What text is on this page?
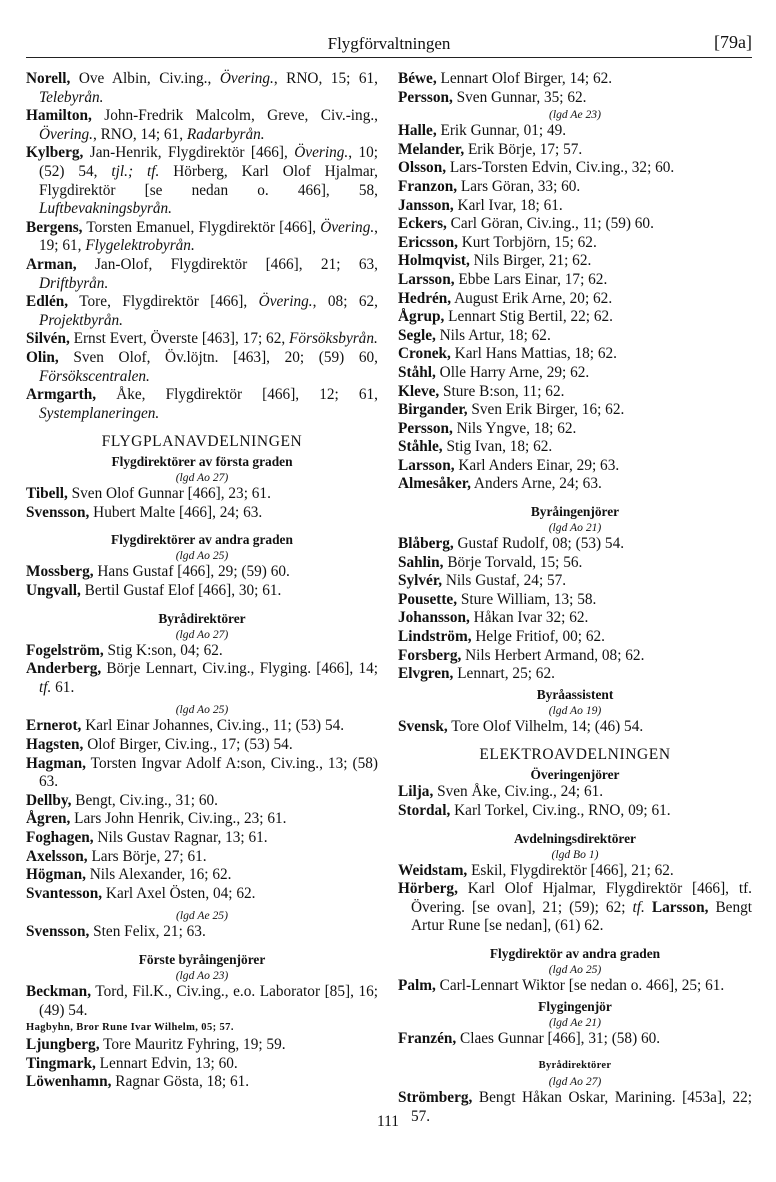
Flygförvaltningen	[79a]

Norell, Ove Albin, Civ.ing., Övering., RNO, 15; 61, Telebyrån.

Hamilton, John-Fredrik Malcolm, Greve, Civ.-ing., Övering., RNO, 14; 61, Radarbyrån.

Kylberg, Jan-Henrik, Flygdirektör [466], Övering., 10; (52) 54, tjl.; tf. Hörberg, Karl Olof Hjalmar, Flygdirektör [se nedan o. 466], 58, Luftbevakningsbyrån.

Bergens, Torsten Emanuel, Flygdirektör [466], Övering., 19; 61, Flygelektrobyrån.

Arman, Jan-Olof, Flygdirektör [466], 21; 63, Driftbyrån.

Edlén, Tore, Flygdirektör [466], Övering., 08; 62, Projektbyrån.

Silvén, Ernst Evert, Överste [463], 17; 62, Försöksbyrån.

Olin, Sven Olof, Öv.löjtn. [463], 20; (59) 60, Försökscentralen.

Armgarth, Åke, Flygdirektör [466], 12; 61, Systemplaneringen.

FLYGPLANAVDELNINGEN
Flygdirektörer av första graden
(lgd Ao 27)

Tibell, Sven Olof Gunnar [466], 23; 61.

Svensson, Hubert Malte [466], 24; 63.

Flygdirektörer av andra graden
(lgd Ao 25)

Mossberg, Hans Gustaf [466], 29; (59) 60.

Ungvall, Bertil Gustaf Elof [466], 30; 61.

Byrådirektörer
(lgd Ao 27)

Fogelström, Stig K:son, 04; 62.

Anderberg, Börje Lennart, Civ.ing., Flyging. [466], 14; tf. 61.

(lgd Ao 25)

Ernerot, Karl Einar Johannes, Civ.ing., 11; (53) 54.

Hagsten, Olof Birger, Civ.ing., 17; (53) 54.

Hagman, Torsten Ingvar Adolf A:son, Civ.ing., 13; (58) 63.

Dellby, Bengt, Civ.ing., 31; 60.

Ågren, Lars John Henrik, Civ.ing., 23; 61.

Foghagen, Nils Gustav Ragnar, 13; 61.

Axelsson, Lars Börje, 27; 61.

Högman, Nils Alexander, 16; 62.

Svantesson, Karl Axel Östen, 04; 62.

(lgd Ae 25)

Svensson, Sten Felix, 21; 63.

Förste byråingenjörer
(lgd Ao 23)

Beckman, Tord, Fil.K., Civ.ing., e.o. Laborator [85], 16; (49) 54.

Hagbyhn, Bror Rune Ivar Wilhelm, 05; 57.

Ljungberg, Tore Mauritz Fyhring, 19; 59.

Tingmark, Lennart Edvin, 13; 60.

Löwenhamn, Ragnar Gösta, 18; 61.

Béwe, Lennart Olof Birger, 14; 62.

Persson, Sven Gunnar, 35; 62.

(lgd Ae 23)

Halle, Erik Gunnar, 01; 49.

Melander, Erik Börje, 17; 57.

Olsson, Lars-Torsten Edvin, Civ.ing., 32; 60.

Franzon, Lars Göran, 33; 60.

Jansson, Karl Ivar, 18; 61.

Eckers, Carl Göran, Civ.ing., 11; (59) 60.

Ericsson, Kurt Torbjörn, 15; 62.

Holmqvist, Nils Birger, 21; 62.

Larsson, Ebbe Lars Einar, 17; 62.

Hedrén, August Erik Arne, 20; 62.

Ågrup, Lennart Stig Bertil, 22; 62.

Segle, Nils Artur, 18; 62.

Cronek, Karl Hans Mattias, 18; 62.

Ståhl, Olle Harry Arne, 29; 62.

Kleve, Sture B:son, 11; 62.

Birgander, Sven Erik Birger, 16; 62.

Persson, Nils Yngve, 18; 62.

Ståhle, Stig Ivan, 18; 62.

Larsson, Karl Anders Einar, 29; 63.

Almesåker, Anders Arne, 24; 63.

Byråingenjörer
(lgd Ao 21)

Blåberg, Gustaf Rudolf, 08; (53) 54.

Sahlin, Börje Torvald, 15; 56.

Sylvér, Nils Gustaf, 24; 57.

Pousette, Sture William, 13; 58.

Johansson, Håkan Ivar 32; 62.

Lindström, Helge Fritiof, 00; 62.

Forsberg, Nils Herbert Armand, 08; 62.

Elvgren, Lennart, 25; 62.

Byråassistent
(lgd Ao 19)

Svensk, Tore Olof Vilhelm, 14; (46) 54.

ELEKTROAVDELNINGEN
Överingenjörer

Lilja, Sven Åke, Civ.ing., 24; 61.

Stordal, Karl Torkel, Civ.ing., RNO, 09; 61.

Avdelningsdirektörer
(lgd Bo 1)

Weidstam, Eskil, Flygdirektör [466], 21; 62.

Hörberg, Karl Olof Hjalmar, Flygdirektör [466], tf. Övering. [se ovan], 21; (59); 62; tf. Larsson, Bengt Artur Rune [se nedan], (61) 62.

Flygdirektör av andra graden
(lgd Ao 25)

Palm, Carl-Lennart Wiktor [se nedan o. 466], 25; 61.

Flygingenjör
(lgd Ae 21)

Franzén, Claes Gunnar [466], 31; (58) 60.

Byrådirektörer
(lgd Ao 27)

Strömberg, Bengt Håkan Oskar, Marining. [453a], 22; 57.

111
